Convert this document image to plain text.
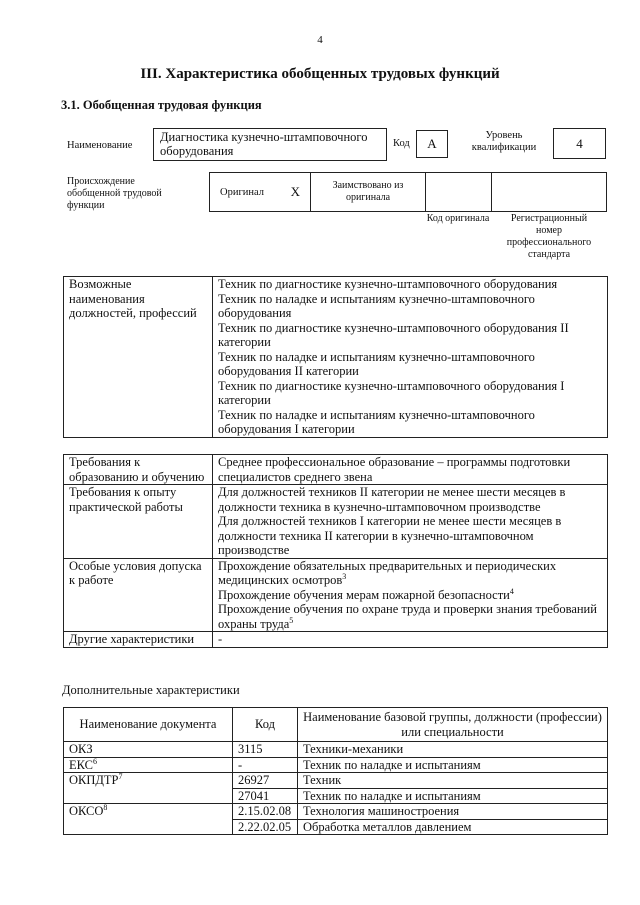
4
III. Характеристика обобщенных трудовых функций
3.1. Обобщенная трудовая функция
Наименование
Диагностика кузнечно-штамповочного оборудования
Код А
Уровень квалификации	4
Происхождение обобщенной трудовой функции
Оригинал X	Заимствовано из оригинала
Код оригинала	Регистрационный номер профессионального стандарта
Возможные наименования должностей, профессий	
Техник по диагностике кузнечно-штамповочного оборудования
Техник по наладке и испытаниям кузнечно-штамповочного оборудования
Техник по диагностике кузнечно-штамповочного оборудования II категории
Техник по наладке и испытаниям кузнечно-штамповочного оборудования II категории
Техник по диагностике кузнечно-штамповочного оборудования I категории
Техник по наладке и испытаниям кузнечно-штамповочного оборудования I категории
Требования к образованию и обучению	Среднее профессиональное образование – программы подготовки специалистов среднего звена
Требования к опыту практической работы	Для должностей техников II категории не менее шести месяцев в должности техника в кузнечно-штамповочном производстве
Для должностей техников I категории не менее шести месяцев в должности техника II категории в кузнечно-штамповочном производстве

Особые условия допуска к работе	Прохождение обязательных предварительных и периодических медицинских осмотров$^3$
Прохождение обучения мерам пожарной безопасности$^4$
Прохождение обучения по охране труда и проверки знания требований охраны труда$^5$

Другие характеристики	-
Дополнительные характеристики
Наименование документа	Код	Наименование базовой группы, должности (профессии) или специальности
ОКЗ	3115	Техники-механики
ЕКС$^6$	-	Техник по наладке и испытаниям
ОКПДТР$^7$	26927	Техник
	27041	Техник по наладке и испытаниям
ОКСО$^8$	2.15.02.08	Технология машиностроения
	2.22.02.05	Обработка металлов давлением
